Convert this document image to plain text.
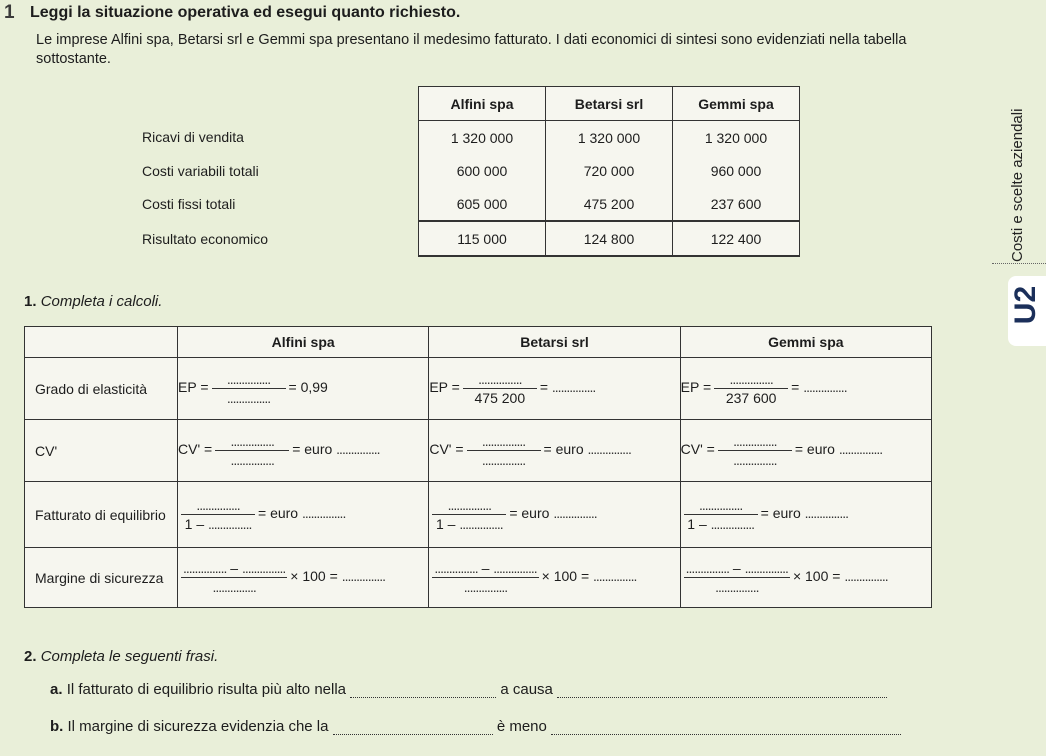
1 Leggi la situazione operativa ed esegui quanto richiesto.
Le imprese Alfini spa, Betarsi srl e Gemmi spa presentano il medesimo fatturato. I dati economici di sintesi sono evidenziati nella tabella sottostante.
	Alfini spa	Betarsi srl	Gemmi spa
Ricavi di vendita	1 320 000	1 320 000	1 320 000
Costi variabili totali	600 000	720 000	960 000
Costi fissi totali	605 000	475 200	237 600
Risultato economico	115 000	124 800	122 400	Costi e scelte aziendali
U2
1. Completa i calcoli.
	Alfini spa	Betarsi srl	Gemmi spa
Grado di elasticità	EP = $\frac{...............}{...............} = 0,99$	EP = $\frac{...............}{475 200}$ = ...............	EP = $\frac{...............}{237 600}$ = ...............
CV'	$CV' = \frac{...............}{...............}$ = euro ...............	$CV' = \frac{...............}{...............}$ = euro ...............	$CV' = \frac{...............}{...............}$ = euro ...............
Fatturato di equilibrio	$\frac{...............}{1 - ...............}$ = euro ...............	$\frac{...............}{1 - ...............}$ = euro ...............	$\frac{...............}{1 - ...............}$ = euro ...............
Margine di sicurezza	$\frac{............... - ...............}{...............} \times 100$ = ...............	$\frac{............... - ...............}{...............} \times 100$ = ...............	$\frac{............... - ...............}{...............} \times 100$ = ...............
2. Completa le seguenti frasi.
a. Il fatturato di equilibrio risulta più alto nella	a causa
b. Il margine di sicurezza evidenzia che la	è meno
